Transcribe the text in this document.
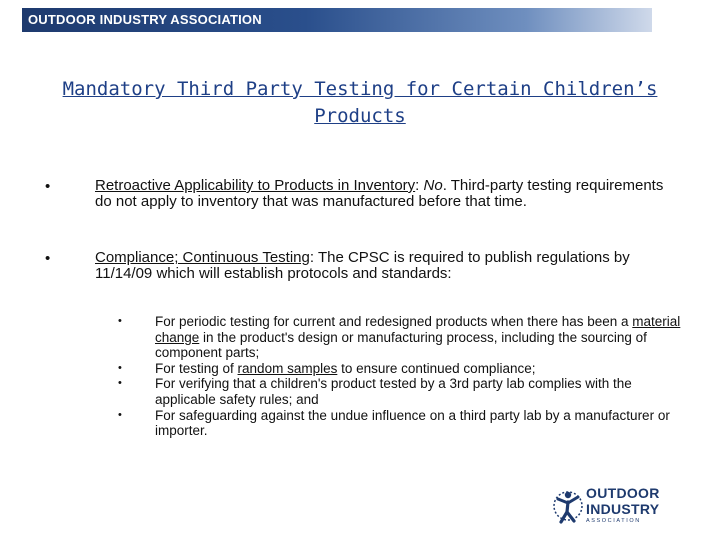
OUTDOOR INDUSTRY ASSOCIATION
Mandatory Third Party Testing for Certain Children’s Products
•	Retroactive Applicability to Products in Inventory: No. Third-party testing requirements do not apply to inventory that was manufactured before that time.
•	Compliance; Continuous Testing: The CPSC is required to publish regulations by 11/14/09 which will establish protocols and standards:
• For periodic testing for current and redesigned products when there has been a material change in the product's design or manufacturing process, including the sourcing of component parts;
• For testing of random samples to ensure continued compliance;
• For verifying that a children's product tested by a 3rd party lab complies with the applicable safety rules; and
• For safeguarding against the undue influence on a third party lab by a manufacturer or importer.
OUTDOOR
INDUSTRY
ASSOCIATION
